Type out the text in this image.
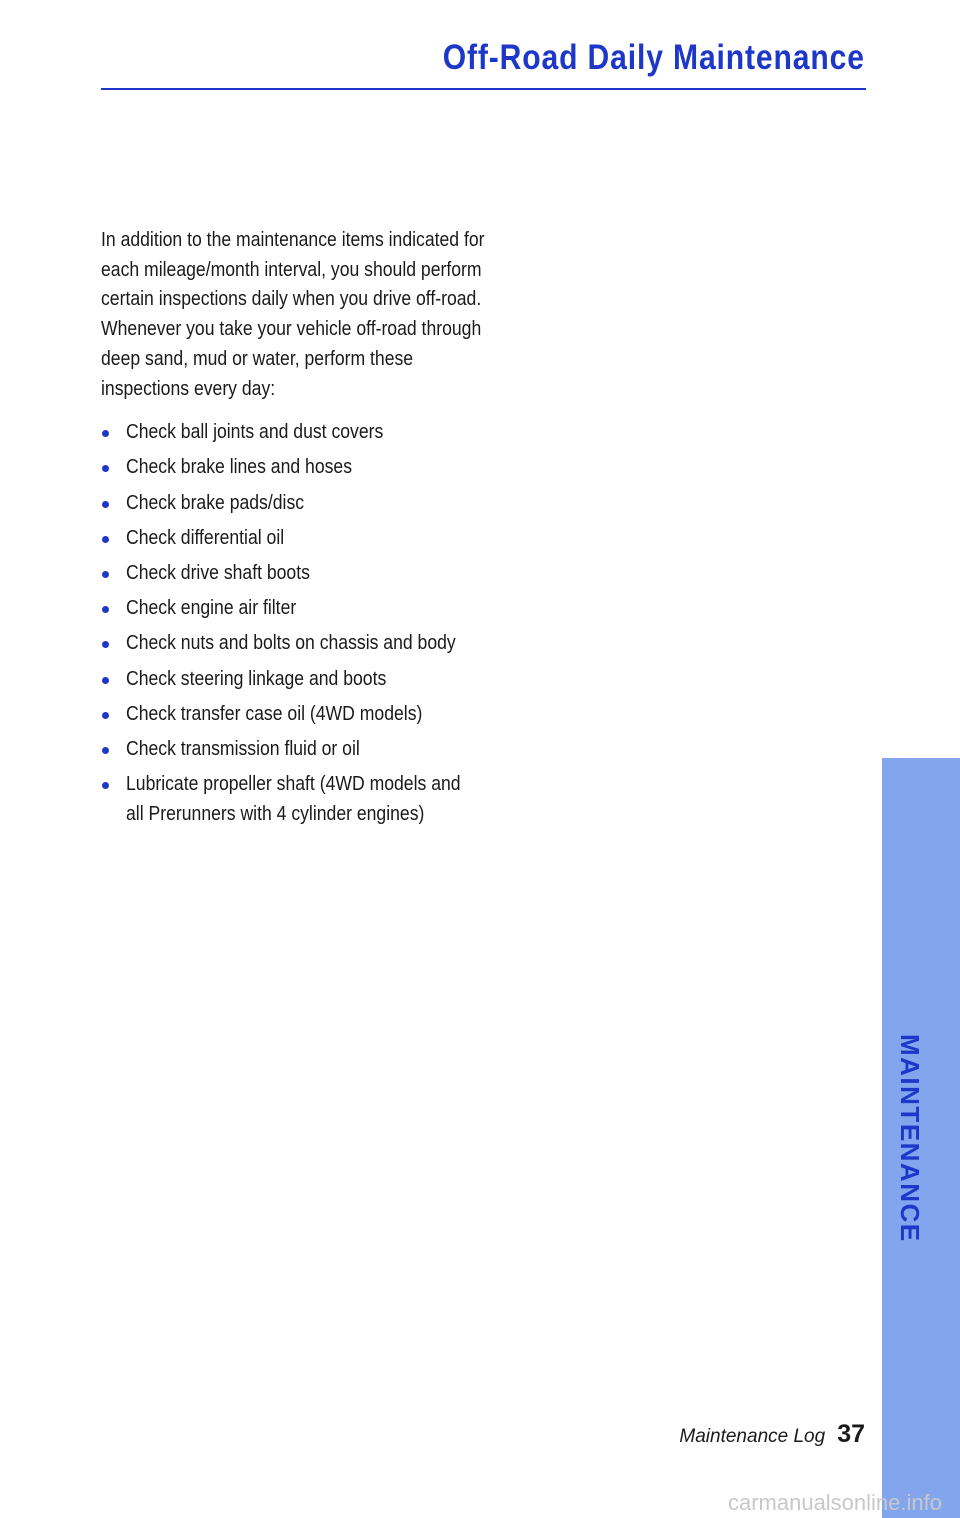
Off-Road Daily Maintenance

In addition to the maintenance items indicated for each mileage/month interval, you should perform certain inspections daily when you drive off-road. Whenever you take your vehicle off-road through deep sand, mud or water, perform these inspections every day:

Check ball joints and dust covers
Check brake lines and hoses
Check brake pads/disc
Check differential oil
Check drive shaft boots
Check engine air filter
Check nuts and bolts on chassis and body
Check steering linkage and boots
Check transfer case oil (4WD models)
Check transmission fluid or oil
Lubricate propeller shaft (4WD models and all Prerunners with 4 cylinder engines)
MAINTENANCE
Maintenance Log 37
carmanualsonline.info
